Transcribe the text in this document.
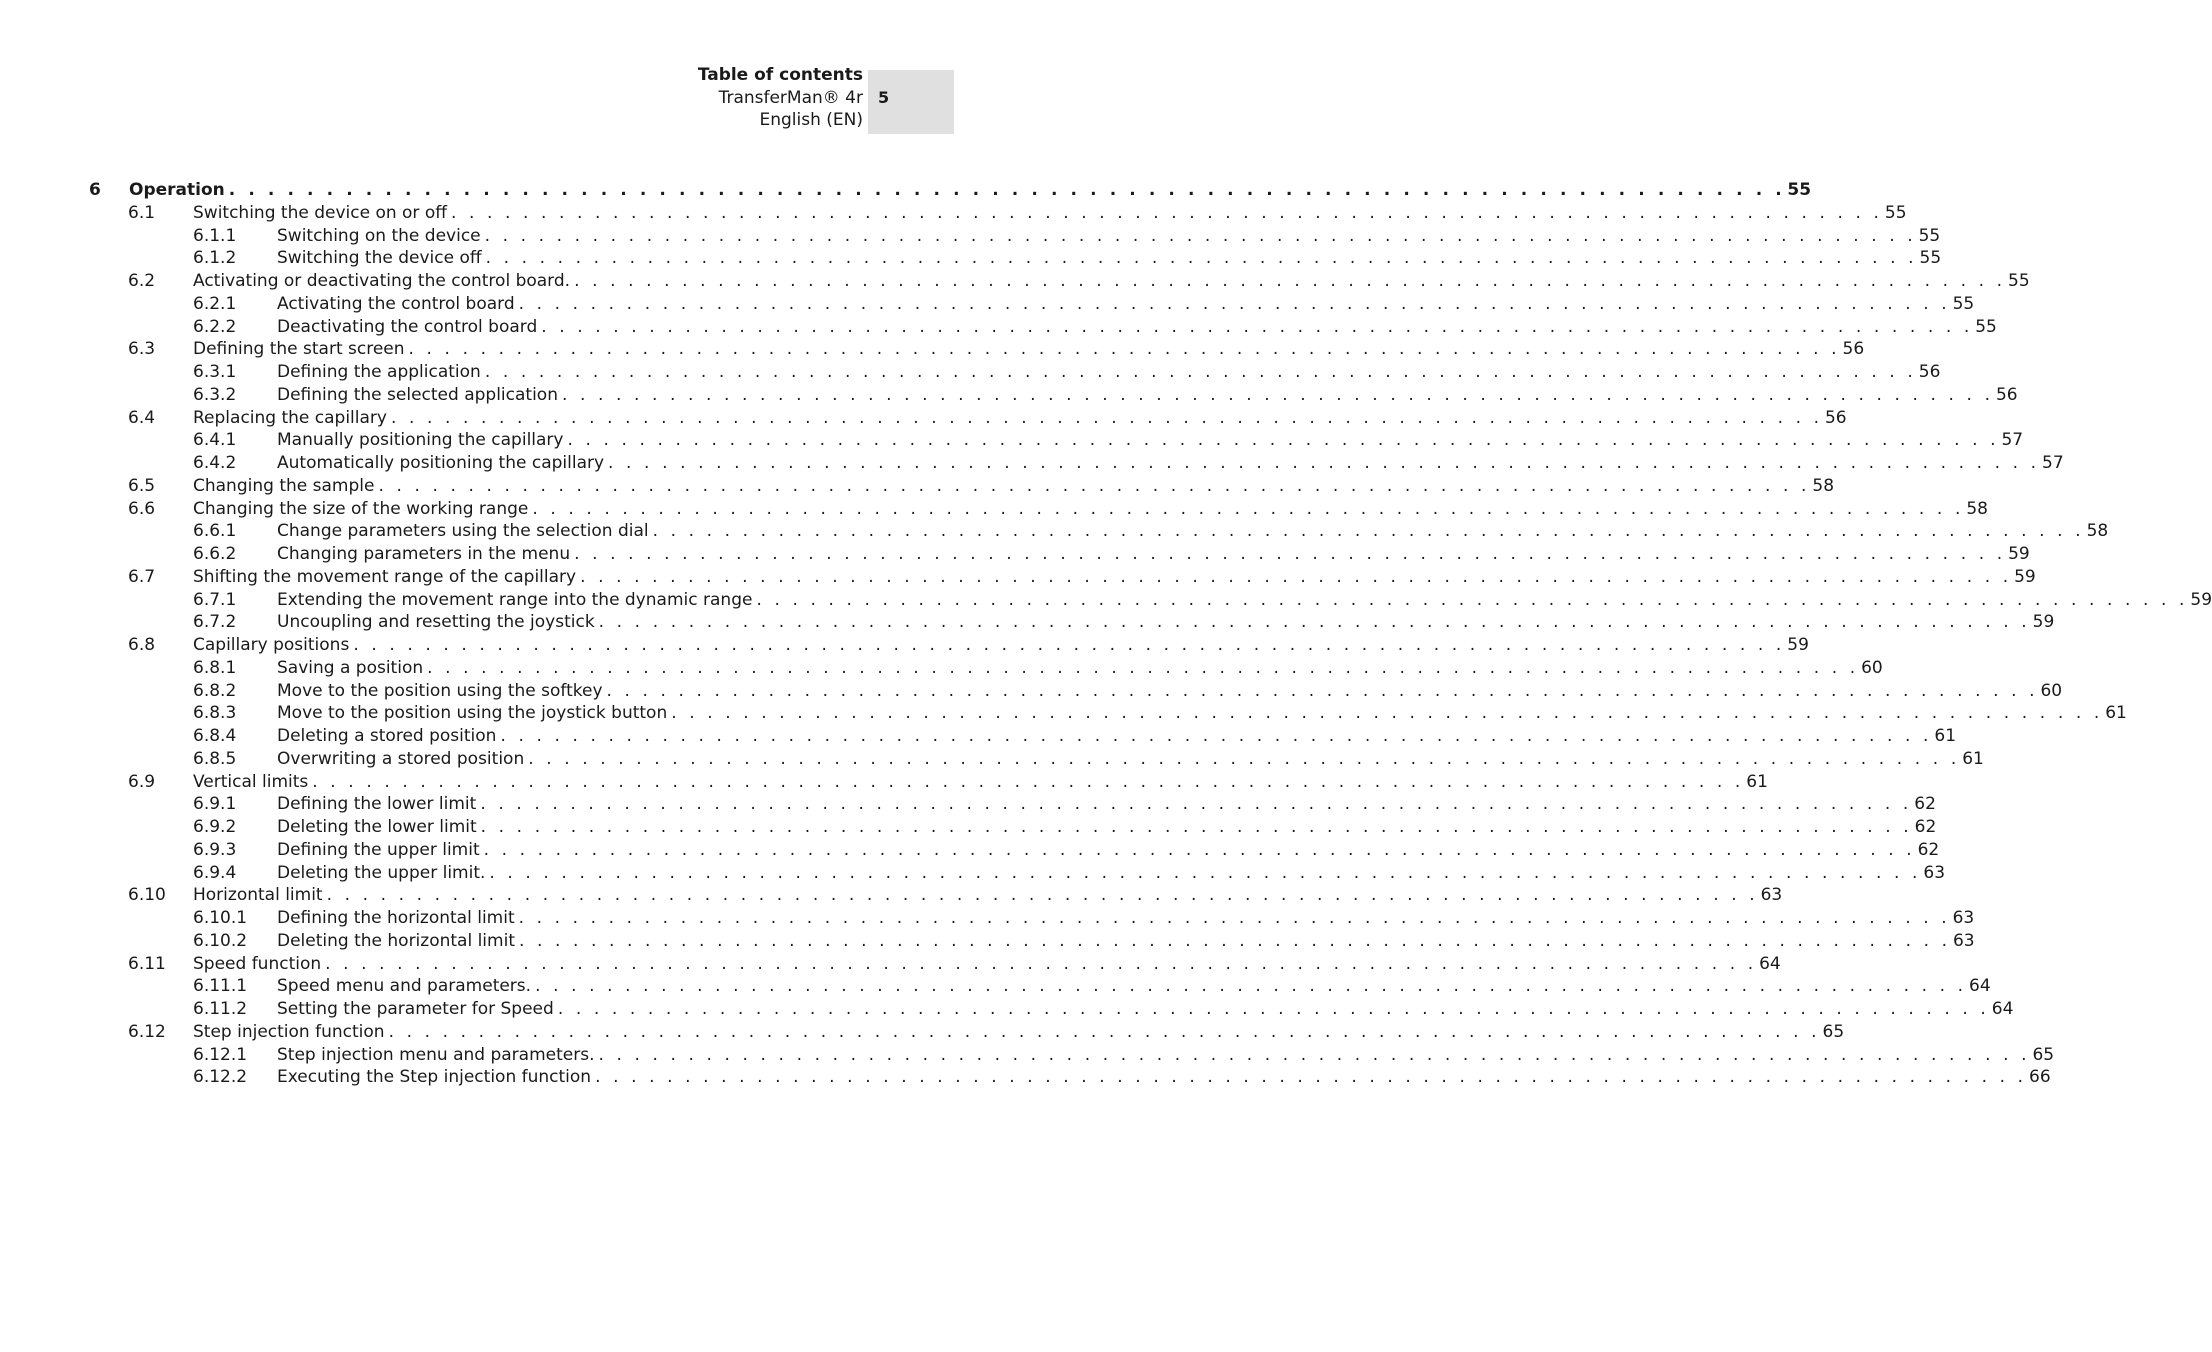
Table of contents
TransferMan® 4r
English (EN)
5
6 Operation . . . . . . . . . . . . . . . . . . . . . . . . . . . . . . . . . . . . . . . . . . . . . . . . . . . . . . . . . . . . . . . . . . . . . . . . . . . . . . . . 55
6.1 Switching the device on or off . . . . . . . . . . . . . . . . . . . . . . . . . . . . . . . . . . . . . . . . . . . . . . . . . . . . . . . . . . . . . . . . . . . . . . . . . . . . . . . . 55
6.1.1 Switching on the device . . . . . . . . . . . . . . . . . . . . . . . . . . . . . . . . . . . . . . . . . . . . . . . . . . . . . . . . . . . . . . . . . . . . . . . . . . . . . . . . 55
6.1.2 Switching the device off . . . . . . . . . . . . . . . . . . . . . . . . . . . . . . . . . . . . . . . . . . . . . . . . . . . . . . . . . . . . . . . . . . . . . . . . . . . . . . . . 55
6.2 Activating or deactivating the control board. . . . . . . . . . . . . . . . . . . . . . . . . . . . . . . . . . . . . . . . . . . . . . . . . . . . . . . . . . . . . . . . . . . . . . . . . . . . . . . . . 55
6.2.1 Activating the control board . . . . . . . . . . . . . . . . . . . . . . . . . . . . . . . . . . . . . . . . . . . . . . . . . . . . . . . . . . . . . . . . . . . . . . . . . . . . . . . . 55
6.2.2 Deactivating the control board . . . . . . . . . . . . . . . . . . . . . . . . . . . . . . . . . . . . . . . . . . . . . . . . . . . . . . . . . . . . . . . . . . . . . . . . . . . . . . . . 55
6.3 Defining the start screen . . . . . . . . . . . . . . . . . . . . . . . . . . . . . . . . . . . . . . . . . . . . . . . . . . . . . . . . . . . . . . . . . . . . . . . . . . . . . . . . 56
6.3.1 Defining the application . . . . . . . . . . . . . . . . . . . . . . . . . . . . . . . . . . . . . . . . . . . . . . . . . . . . . . . . . . . . . . . . . . . . . . . . . . . . . . . . 56
6.3.2 Defining the selected application . . . . . . . . . . . . . . . . . . . . . . . . . . . . . . . . . . . . . . . . . . . . . . . . . . . . . . . . . . . . . . . . . . . . . . . . . . . . . . . . 56
6.4 Replacing the capillary . . . . . . . . . . . . . . . . . . . . . . . . . . . . . . . . . . . . . . . . . . . . . . . . . . . . . . . . . . . . . . . . . . . . . . . . . . . . . . . . 56
6.4.1 Manually positioning the capillary . . . . . . . . . . . . . . . . . . . . . . . . . . . . . . . . . . . . . . . . . . . . . . . . . . . . . . . . . . . . . . . . . . . . . . . . . . . . . . . . 57
6.4.2 Automatically positioning the capillary . . . . . . . . . . . . . . . . . . . . . . . . . . . . . . . . . . . . . . . . . . . . . . . . . . . . . . . . . . . . . . . . . . . . . . . . . . . . . . . . 57
6.5 Changing the sample . . . . . . . . . . . . . . . . . . . . . . . . . . . . . . . . . . . . . . . . . . . . . . . . . . . . . . . . . . . . . . . . . . . . . . . . . . . . . . . . 58
6.6 Changing the size of the working range . . . . . . . . . . . . . . . . . . . . . . . . . . . . . . . . . . . . . . . . . . . . . . . . . . . . . . . . . . . . . . . . . . . . . . . . . . . . . . . . 58
6.6.1 Change parameters using the selection dial . . . . . . . . . . . . . . . . . . . . . . . . . . . . . . . . . . . . . . . . . . . . . . . . . . . . . . . . . . . . . . . . . . . . . . . . . . . . . . . . 58
6.6.2 Changing parameters in the menu . . . . . . . . . . . . . . . . . . . . . . . . . . . . . . . . . . . . . . . . . . . . . . . . . . . . . . . . . . . . . . . . . . . . . . . . . . . . . . . . 59
6.7 Shifting the movement range of the capillary . . . . . . . . . . . . . . . . . . . . . . . . . . . . . . . . . . . . . . . . . . . . . . . . . . . . . . . . . . . . . . . . . . . . . . . . . . . . . . . . 59
6.7.1 Extending the movement range into the dynamic range . . . . . . . . . . . . . . . . . . . . . . . . . . . . . . . . . . . . . . . . . . . . . . . . . . . . . . . . . . . . . . . . . . . . . . . . . . . . . . . . 59
6.7.2 Uncoupling and resetting the joystick . . . . . . . . . . . . . . . . . . . . . . . . . . . . . . . . . . . . . . . . . . . . . . . . . . . . . . . . . . . . . . . . . . . . . . . . . . . . . . . . 59
6.8 Capillary positions . . . . . . . . . . . . . . . . . . . . . . . . . . . . . . . . . . . . . . . . . . . . . . . . . . . . . . . . . . . . . . . . . . . . . . . . . . . . . . . . 59
6.8.1 Saving a position . . . . . . . . . . . . . . . . . . . . . . . . . . . . . . . . . . . . . . . . . . . . . . . . . . . . . . . . . . . . . . . . . . . . . . . . . . . . . . . . 60
6.8.2 Move to the position using the softkey . . . . . . . . . . . . . . . . . . . . . . . . . . . . . . . . . . . . . . . . . . . . . . . . . . . . . . . . . . . . . . . . . . . . . . . . . . . . . . . . 60
6.8.3 Move to the position using the joystick button . . . . . . . . . . . . . . . . . . . . . . . . . . . . . . . . . . . . . . . . . . . . . . . . . . . . . . . . . . . . . . . . . . . . . . . . . . . . . . . . 61
6.8.4 Deleting a stored position . . . . . . . . . . . . . . . . . . . . . . . . . . . . . . . . . . . . . . . . . . . . . . . . . . . . . . . . . . . . . . . . . . . . . . . . . . . . . . . . 61
6.8.5 Overwriting a stored position . . . . . . . . . . . . . . . . . . . . . . . . . . . . . . . . . . . . . . . . . . . . . . . . . . . . . . . . . . . . . . . . . . . . . . . . . . . . . . . . 61
6.9 Vertical limits . . . . . . . . . . . . . . . . . . . . . . . . . . . . . . . . . . . . . . . . . . . . . . . . . . . . . . . . . . . . . . . . . . . . . . . . . . . . . . . . 61
6.9.1 Defining the lower limit . . . . . . . . . . . . . . . . . . . . . . . . . . . . . . . . . . . . . . . . . . . . . . . . . . . . . . . . . . . . . . . . . . . . . . . . . . . . . . . . 62
6.9.2 Deleting the lower limit . . . . . . . . . . . . . . . . . . . . . . . . . . . . . . . . . . . . . . . . . . . . . . . . . . . . . . . . . . . . . . . . . . . . . . . . . . . . . . . . 62
6.9.3 Defining the upper limit . . . . . . . . . . . . . . . . . . . . . . . . . . . . . . . . . . . . . . . . . . . . . . . . . . . . . . . . . . . . . . . . . . . . . . . . . . . . . . . . 62
6.9.4 Deleting the upper limit. . . . . . . . . . . . . . . . . . . . . . . . . . . . . . . . . . . . . . . . . . . . . . . . . . . . . . . . . . . . . . . . . . . . . . . . . . . . . . . . . 63
6.10 Horizontal limit . . . . . . . . . . . . . . . . . . . . . . . . . . . . . . . . . . . . . . . . . . . . . . . . . . . . . . . . . . . . . . . . . . . . . . . . . . . . . . . . 63
6.10.1 Defining the horizontal limit . . . . . . . . . . . . . . . . . . . . . . . . . . . . . . . . . . . . . . . . . . . . . . . . . . . . . . . . . . . . . . . . . . . . . . . . . . . . . . . . 63
6.10.2 Deleting the horizontal limit . . . . . . . . . . . . . . . . . . . . . . . . . . . . . . . . . . . . . . . . . . . . . . . . . . . . . . . . . . . . . . . . . . . . . . . . . . . . . . . . 63
6.11 Speed function . . . . . . . . . . . . . . . . . . . . . . . . . . . . . . . . . . . . . . . . . . . . . . . . . . . . . . . . . . . . . . . . . . . . . . . . . . . . . . . . 64
6.11.1 Speed menu and parameters. . . . . . . . . . . . . . . . . . . . . . . . . . . . . . . . . . . . . . . . . . . . . . . . . . . . . . . . . . . . . . . . . . . . . . . . . . . . . . . . . 64
6.11.2 Setting the parameter for Speed . . . . . . . . . . . . . . . . . . . . . . . . . . . . . . . . . . . . . . . . . . . . . . . . . . . . . . . . . . . . . . . . . . . . . . . . . . . . . . . . 64
6.12 Step injection function . . . . . . . . . . . . . . . . . . . . . . . . . . . . . . . . . . . . . . . . . . . . . . . . . . . . . . . . . . . . . . . . . . . . . . . . . . . . . . . . 65
6.12.1 Step injection menu and parameters. . . . . . . . . . . . . . . . . . . . . . . . . . . . . . . . . . . . . . . . . . . . . . . . . . . . . . . . . . . . . . . . . . . . . . . . . . . . . . . . . 65
6.12.2 Executing the Step injection function . . . . . . . . . . . . . . . . . . . . . . . . . . . . . . . . . . . . . . . . . . . . . . . . . . . . . . . . . . . . . . . . . . . . . . . . . . . . . . . . 66
